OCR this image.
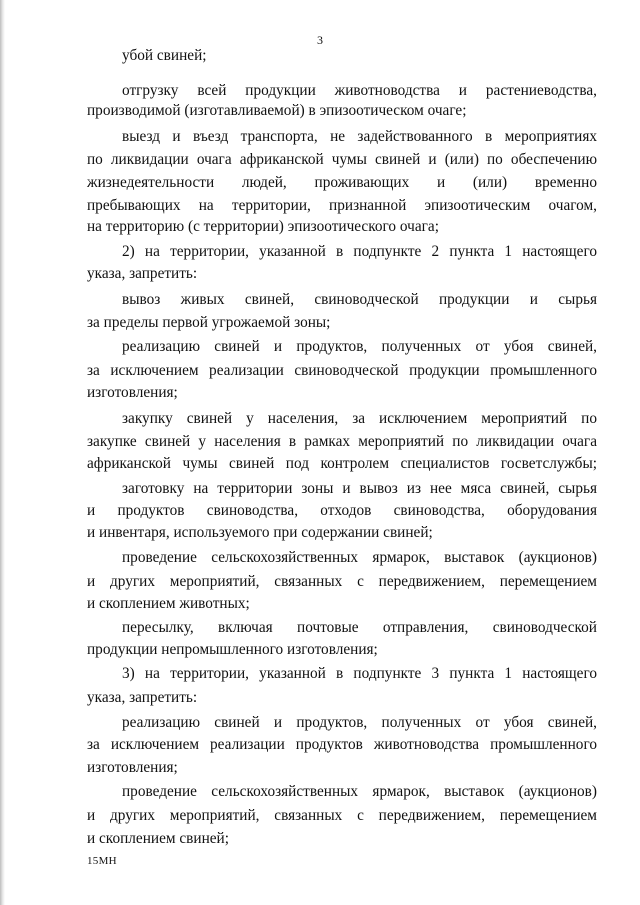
3
убой свиней;
отгрузку всей продукции животноводства и растениеводства,
производимой (изготавливаемой) в эпизоотическом очаге;
выезд и въезд транспорта, не задействованного в мероприятиях
по ликвидации очага африканской чумы свиней и (или) по обеспечению
жизнедеятельности людей, проживающих и (или) временно
пребывающих на территории, признанной эпизоотическим очагом,
на территорию (с территории) эпизоотического очага;
2) на территории, указанной в подпункте 2 пункта 1 настоящего
указа, запретить:
вывоз живых свиней, свиноводческой продукции и сырья
за пределы первой угрожаемой зоны;
реализацию свиней и продуктов, полученных от убоя свиней,
за исключением реализации свиноводческой продукции промышленного
изготовления;
закупку свиней у населения, за исключением мероприятий по
закупке свиней у населения в рамках мероприятий по ликвидации очага
африканской чумы свиней под контролем специалистов госветслужбы;
заготовку на территории зоны и вывоз из нее мяса свиней, сырья
и продуктов свиноводства, отходов свиноводства, оборудования
и инвентаря, используемого при содержании свиней;
проведение сельскохозяйственных ярмарок, выставок (аукционов)
и других мероприятий, связанных с передвижением, перемещением
и скоплением животных;
пересылку, включая почтовые отправления, свиноводческой
продукции непромышленного изготовления;
3) на территории, указанной в подпункте 3 пункта 1 настоящего
указа, запретить:
реализацию свиней и продуктов, полученных от убоя свиней,
за исключением реализации продуктов животноводства промышленного
изготовления;
проведение сельскохозяйственных ярмарок, выставок (аукционов)
и других мероприятий, связанных с передвижением, перемещением
и скоплением свиней;
15МН
